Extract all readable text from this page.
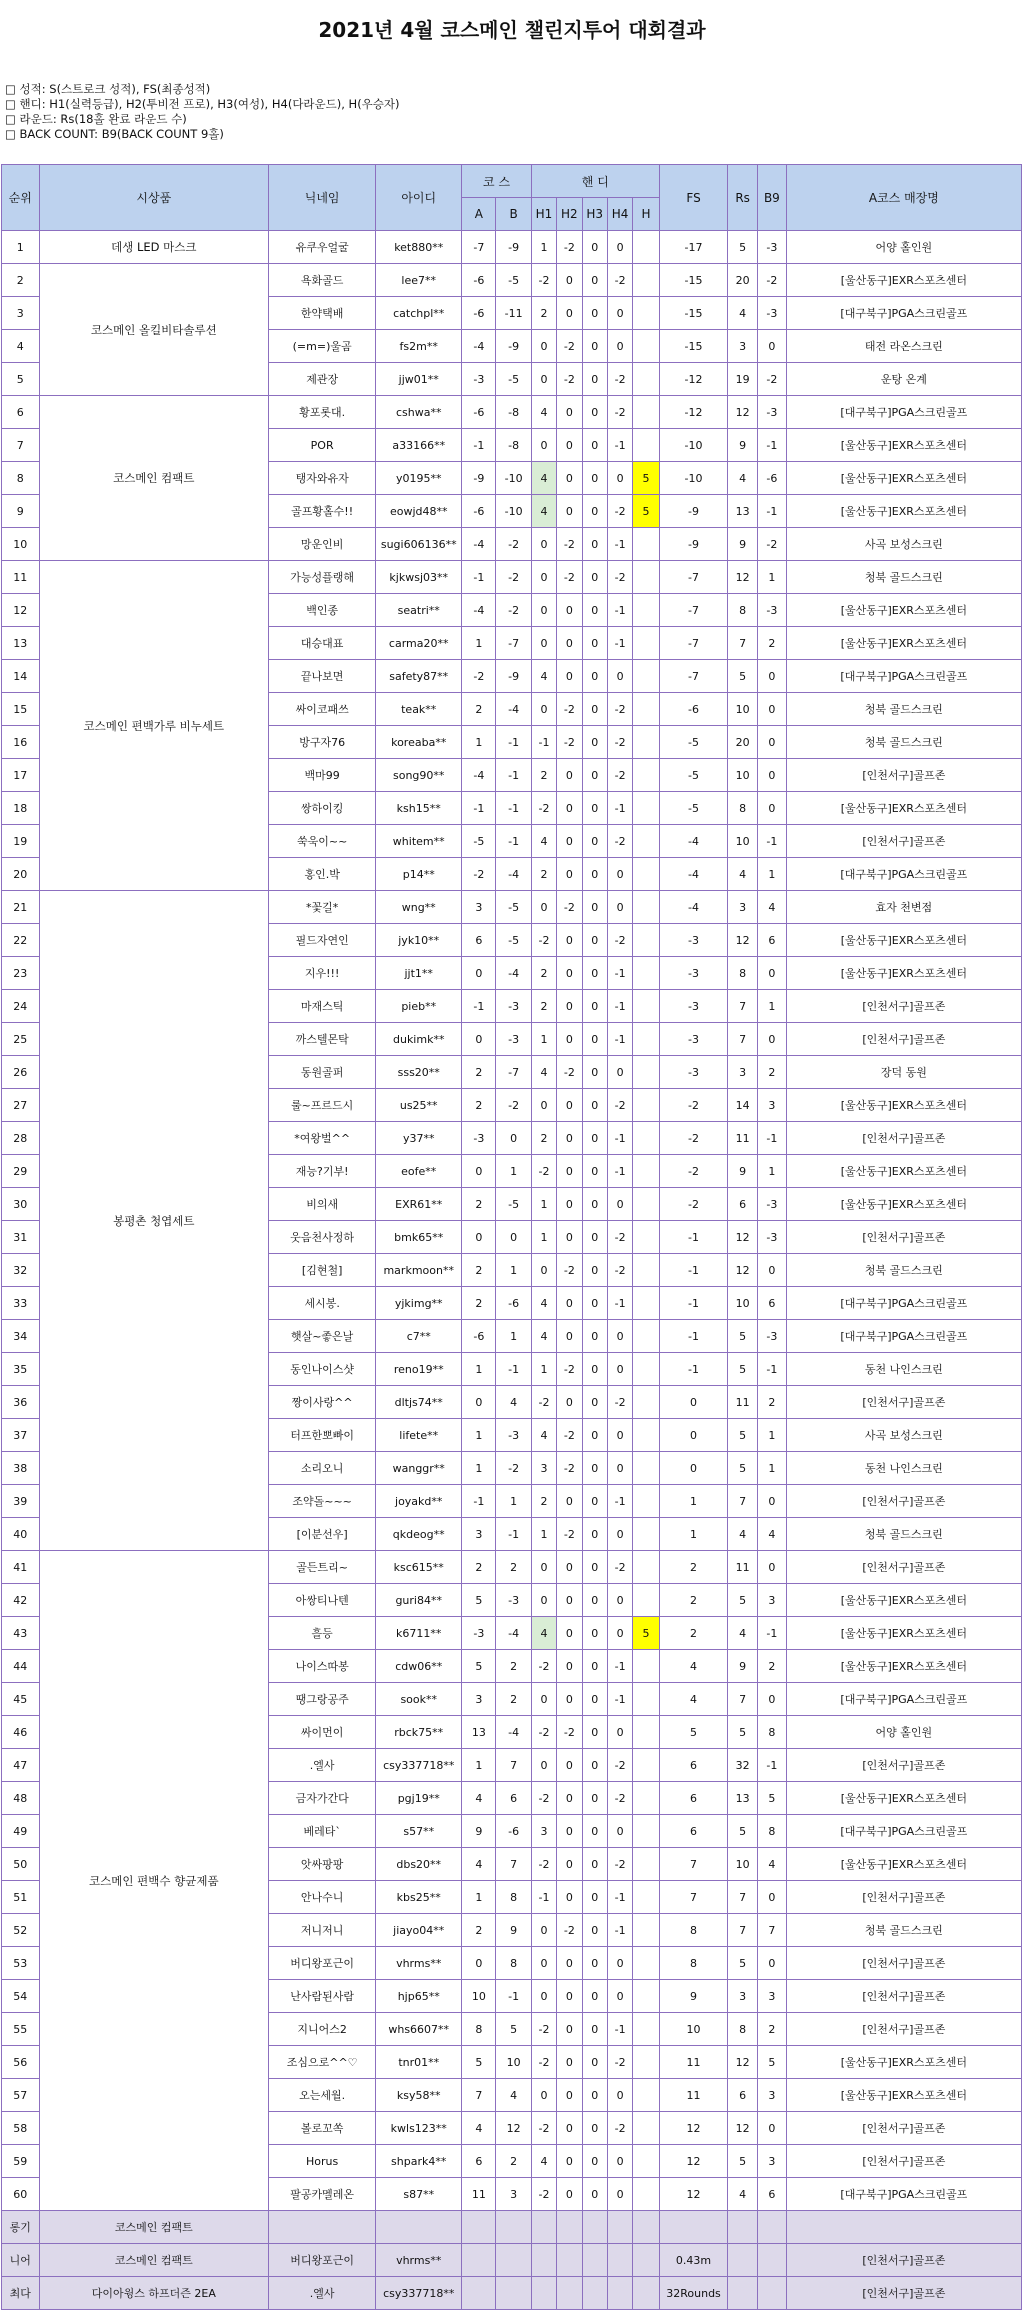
2021년 4월 코스메인 챌린지투어 대회결과
□ 성적: S(스트로크 성적), FS(최종성적)
□ 핸디: H1(실력등급), H2(투비전 프로), H3(여성), H4(다라운드), H(우승자)
□ 라운드: Rs(18홀 완료 라운드 수)
□ BACK COUNT: B9(BACK COUNT 9홀)
순위	시상품	닉네임	아이디	코 스		핸 디					FS	Rs	B9	A코스 매장명
				A	B	H1	H2	H3	H4	H				
1	데생 LED 마스크	유쿠우얼굴	ket880**	-7	-9	1	-2	0	0		-17	5	-3	어양 홀인원
2	코스메인 올킬비타솔루션	욕화골드	lee7**	-6	-5	-2	0	0	-2		-15	20	-2	[울산동구]EXR스포츠센터
3		한약택배	catchpl**	-6	-11	2	0	0	0		-15	4	-3	[대구북구]PGA스크린골프
4		(=m=)울곰	fs2m**	-4	-9	0	-2	0	0		-15	3	0	태전 라온스크린
5		제관장	jjw01**	-3	-5	0	-2	0	-2		-12	19	-2	운탕 온계
6	코스메인 컴팩트	황포롯대.	cshwa**	-6	-8	4	0	0	-2		-12	12	-3	[대구북구]PGA스크린골프
7		POR	a33166**	-1	-8	0	0	0	-1		-10	9	-1	[울산동구]EXR스포츠센터
8		탱자와유자	y0195**	-9	-10	4	0	0	0	5	-10	4	-6	[울산동구]EXR스포츠센터
9		골프황홀수!!	eowjd48**	-6	-10	4	0	0	-2	5	-9	13	-1	[울산동구]EXR스포츠센터
10		망운인비	sugi606136**	-4	-2	0	-2	0	-1		-9	9	-2	사곡 보성스크린
11	코스메인 편백가루 비누세트	가능성플랭해	kjkwsj03**	-1	-2	0	-2	0	-2		-7	12	1	청북 골드스크린
12		백인종	seatri**	-4	-2	0	0	0	-1		-7	8	-3	[울산동구]EXR스포츠센터
13		대승대표	carma20**	1	-7	0	0	0	-1		-7	7	2	[울산동구]EXR스포츠센터
14		끝나보면	safety87**	-2	-9	4	0	0	0		-7	5	0	[대구북구]PGA스크린골프
15		싸이코패쓰	teak**	2	-4	0	-2	0	-2		-6	10	0	청북 골드스크린
16		방구자76	koreaba**	1	-1	-1	-2	0	-2		-5	20	0	청북 골드스크린
17		백마99	song90**	-4	-1	2	0	0	-2		-5	10	0	[인천서구]골프존
18		쌍하이킹	ksh15**	-1	-1	-2	0	0	-1		-5	8	0	[울산동구]EXR스포츠센터
19		쑥욱이~~	whitem**	-5	-1	4	0	0	-2		-4	10	-1	[인천서구]골프존
20		홍인.박	p14**	-2	-4	2	0	0	0		-4	4	1	[대구북구]PGA스크린골프
21	봉평촌 청엽세트	*꽃길*	wng**	3	-5	0	-2	0	0		-4	3	4	효자 천변점
22		필드자연인	jyk10**	6	-5	-2	0	0	-2		-3	12	6	[울산동구]EXR스포츠센터
23		지우!!!	jjt1**	0	-4	2	0	0	-1		-3	8	0	[울산동구]EXR스포츠센터
24		마재스틱	pieb**	-1	-3	2	0	0	-1		-3	7	1	[인천서구]골프존
25		까스텔몬탁	dukimk**	0	-3	1	0	0	-1		-3	7	0	[인천서구]골프존
26		동원골퍼	sss20**	2	-7	4	-2	0	0		-3	3	2	장덕 동원
27		룰~프르드시	us25**	2	-2	0	0	0	-2		-2	14	3	[울산동구]EXR스포츠센터
28		*여왕벌^^	y37**	-3	0	2	0	0	-1		-2	11	-1	[인천서구]골프존
29		재능?기부!	eofe**	0	1	-2	0	0	-1		-2	9	1	[울산동구]EXR스포츠센터
30		비의새	EXR61**	2	-5	1	0	0	0		-2	6	-3	[울산동구]EXR스포츠센터
31		웃음천사정하	bmk65**	0	0	1	0	0	-2		-1	12	-3	[인천서구]골프존
32		[김현철]	markmoon**	2	1	0	-2	0	-2		-1	12	0	청북 골드스크린
33		세시봉.	yjkimg**	2	-6	4	0	0	-1		-1	10	6	[대구북구]PGA스크린골프
34		햇살~좋은날	c7**	-6	1	4	0	0	0		-1	5	-3	[대구북구]PGA스크린골프
35		동인나이스샷	reno19**	1	-1	1	-2	0	0		-1	5	-1	동천 나인스크린
36		짱이사랑^^	dltjs74**	0	4	-2	0	0	-2		0	11	2	[인천서구]골프존
37		터프한뽀빠이	lifete**	1	-3	4	-2	0	0		0	5	1	사곡 보성스크린
38		소리오니	wanggr**	1	-2	3	-2	0	0		0	5	1	동천 나인스크린
39		조약돌~~~	joyakd**	-1	1	2	0	0	-1		1	7	0	[인천서구]골프존
40		[이분선우]	qkdeog**	3	-1	1	-2	0	0		1	4	4	청북 골드스크린
41	코스메인 편백수 향균제품	골든트리~	ksc615**	2	2	0	0	0	-2		2	11	0	[인천서구]골프존
42		아쌍티나텐	guri84**	5	-3	0	0	0	0		2	5	3	[울산동구]EXR스포츠센터
43		흘등	k6711**	-3	-4	4	0	0	0	5	2	4	-1	[울산동구]EXR스포츠센터
44		나이스따봉	cdw06**	5	2	-2	0	0	-1		4	9	2	[울산동구]EXR스포츠센터
45		땡그랑공주	sook**	3	2	0	0	0	-1		4	7	0	[대구북구]PGA스크린골프
46		싸이먼이	rbck75**	13	-4	-2	-2	0	0		5	5	8	어양 홀인원
47		.엘사	csy337718**	1	7	0	0	0	-2		6	32	-1	[인천서구]골프존
48		금자가간다	pgj19**	4	6	-2	0	0	-2		6	13	5	[울산동구]EXR스포츠센터
49		베레타`	s57**	9	-6	3	0	0	0		6	5	8	[대구북구]PGA스크린골프
50		앗싸팡팡	dbs20**	4	7	-2	0	0	-2		7	10	4	[울산동구]EXR스포츠센터
51		안나수니	kbs25**	1	8	-1	0	0	-1		7	7	0	[인천서구]골프존
52		저니저니	jiayo04**	2	9	0	-2	0	-1		8	7	7	청북 골드스크린
53		버디왕포근이	vhrms**	0	8	0	0	0	0		8	5	0	[인천서구]골프존
54		난사람된사람	hjp65**	10	-1	0	0	0	0		9	3	3	[인천서구]골프존
55		지니어스2	whs6607**	8	5	-2	0	0	-1		10	8	2	[인천서구]골프존
56		조심으로^^♡	tnr01**	5	10	-2	0	0	-2		11	12	5	[울산동구]EXR스포츠센터
57		오는세월.	ksy58**	7	4	0	0	0	0		11	6	3	[울산동구]EXR스포츠센터
58		볼로꼬쏙	kwls123**	4	12	-2	0	0	-2		12	12	0	[인천서구]골프존
59		Horus	shpark4**	6	2	4	0	0	0		12	5	3	[인천서구]골프존
60		팔공카멜레온	s87**	11	3	-2	0	0	0		12	4	6	[대구북구]PGA스크린골프
롱기	코스메인 컴팩트													
니어	코스메인 컴팩트	버디왕포근이	vhrms**								0.43m			[인천서구]골프존
최다	다이아윙스 하프더즌 2EA	.엘사	csy337718**								32Rounds			[인천서구]골프존
